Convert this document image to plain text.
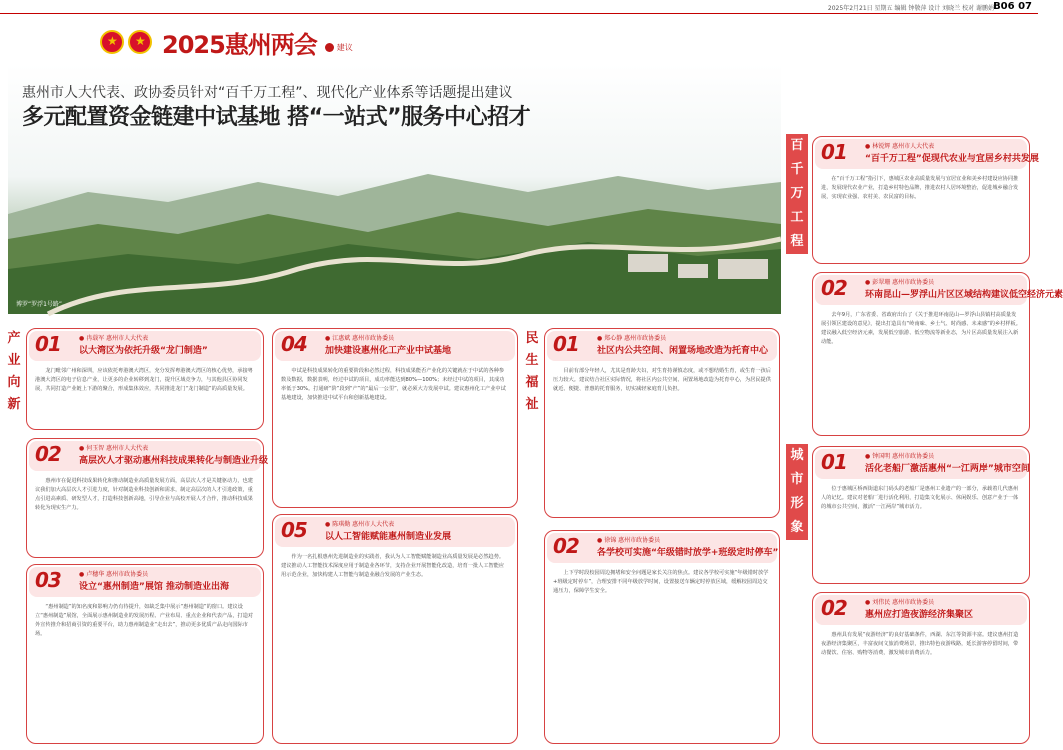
2025年2月21日 星期五 编辑 钟敬萍 设计 刘晓兰 校对 谢鹏娟 B06 07
★
★
2025惠州两会	建议
惠州市人大代表、政协委员针对“百千万工程”、现代化产业体系等话题提出建议
多元配置资金链建中试基地 搭“一站式”服务中心招才
博罗“罗浮1号路”。
产业向新
民生福祉
百千万工程
城市形象
01	● 冉载军 惠州市人大代表
以大湾区为依托升级“龙门制造”
龙门毗邻广州和深圳，应该依托粤港澳大湾区，充分发挥粤港澳大湾区的核心优势，承接粤港澳大湾区的电子信息产业，让更多的企业转移到龙门，提升区域竞争力，与其他县区协同发展，共同打造产业链上下游的聚合，形成集体效应，共同推进龙门“龙门制造”的高质量发展。
02	● 何玉智 惠州市人大代表
高层次人才驱动惠州科技成果转化与制造业升级
惠州市在促进科技成果转化和推动制造业高质量发展方面，高层次人才是关键驱动力，也建议我们加大高层次人才引进力度，针对制造业科技创新和需求，制定高层次的人才引进政策，重点引进高素质、研发型人才，打造科技创新高地，引导企业与高校开展人才合作，推动科技成果转化为现实生产力。
03	● 卢穗华 惠州市政协委员
设立“惠州制造”展馆 推动制造业出海
“惠州制造”的知名度和影响力仍有待提升，如缺乏集中展示“惠州制造”的窗口。建议设立“惠州制造”展馆，全面展示惠州制造业的发展历程、产业布局、重点企业和代表产品，打造对外宣传推介和招商引资的重要平台，助力惠州制造业“走出去”，推动更多优质产品走向国际市场。
04	● 江惠斌 惠州市政协委员
加快建设惠州化工产业中试基地
中试是科技成果转化的重要阶段和必然过程，科技成果能否产业化的关键就在于中试的各种参数及数据，数据表明，经过中试的项目，成功率能达到80%—100%；未经过中试的项目，其成功率低于30%。打通研“阶”段到“产”的“最后一公里”，就必须大力发展中试。建议惠州化工产业中试基地建设，加快推进中试平台和创新基地建设。
05	● 陈琪勤 惠州市人大代表
以人工智能赋能惠州制造业发展
作为一名扎根惠州先进制造业的实践者，我认为人工智能赋能制造业高质量发展是必然趋势。建议推动人工智能技术深度应用于制造业各环节，支持企业开展智能化改造，培育一批人工智能应用示范企业，加快构建人工智能与制造业融合发展的产业生态。
01	● 郑心静 惠州市政协委员
社区内公共空间、闲置场地改造为托育中心
目前有部分年轻人，尤其是育龄夫妇，对生育持谨慎态度，或不想结婚生育，或生育一孩后压力较大。建议结合社区实际情况，将社区内公共空间、闲置场地改造为托育中心，为居民提供就近、便捷、普惠的托育服务，切实减轻家庭育儿负担。
02	● 徐锦 惠州市政协委员
各学校可实施“年级错时放学+班级定时停车”
上下学时段校园周边拥堵和安全问题是家长关注的焦点。建议各学校可实施“年级错时放学+班级定时停车”，合理安排不同年级放学时间，设置接送车辆定时停放区域，缓解校园周边交通压力，保障学生安全。
01	● 林锐辉 惠州市人大代表
“百千万工程”促现代农业与宜居乡村共发展
在“百千万工程”指引下，惠城区农业高质量发展与宜居宜业和美乡村建设应协同推进，发展现代农业产业，打造乡村特色品牌，推进农村人居环境整治，促进城乡融合发展，实现农业强、农村美、农民富的目标。
02	● 彭翠珊 惠州市政协委员
环南昆山—罗浮山片区区域结构建议低空经济元素
去年9月，广东省委、省政府出台了《关于推进环南昆山—罗浮山县镇村高质量发展引领区建设的意见》，提出打造具有“岭南味、乡土气、时尚感、未来感”的乡村样板。建议融入低空经济元素，发展低空旅游、低空物流等新业态，为片区高质量发展注入新动能。
01	● 钟国明 惠州市政协委员
活化老船厂激活惠州“一江两岸”城市空间
位于惠城区桥西街道东门码头的老船厂是惠州工业遗产的一部分，承载着几代惠州人的记忆。建议对老船厂进行活化利用，打造集文化展示、休闲娱乐、创意产业于一体的城市公共空间，激活“一江两岸”城市活力。
02	● 刘伟民 惠州市政协委员
惠州应打造夜游经济集聚区
惠州具有发展“夜游经济”的良好基础条件，西湖、东江等资源丰富。建议惠州打造夜游经济集聚区，丰富夜间文旅消费场景，推出特色夜游线路，延长游客停留时间，带动餐饮、住宿、购物等消费，激发城市消费活力。
